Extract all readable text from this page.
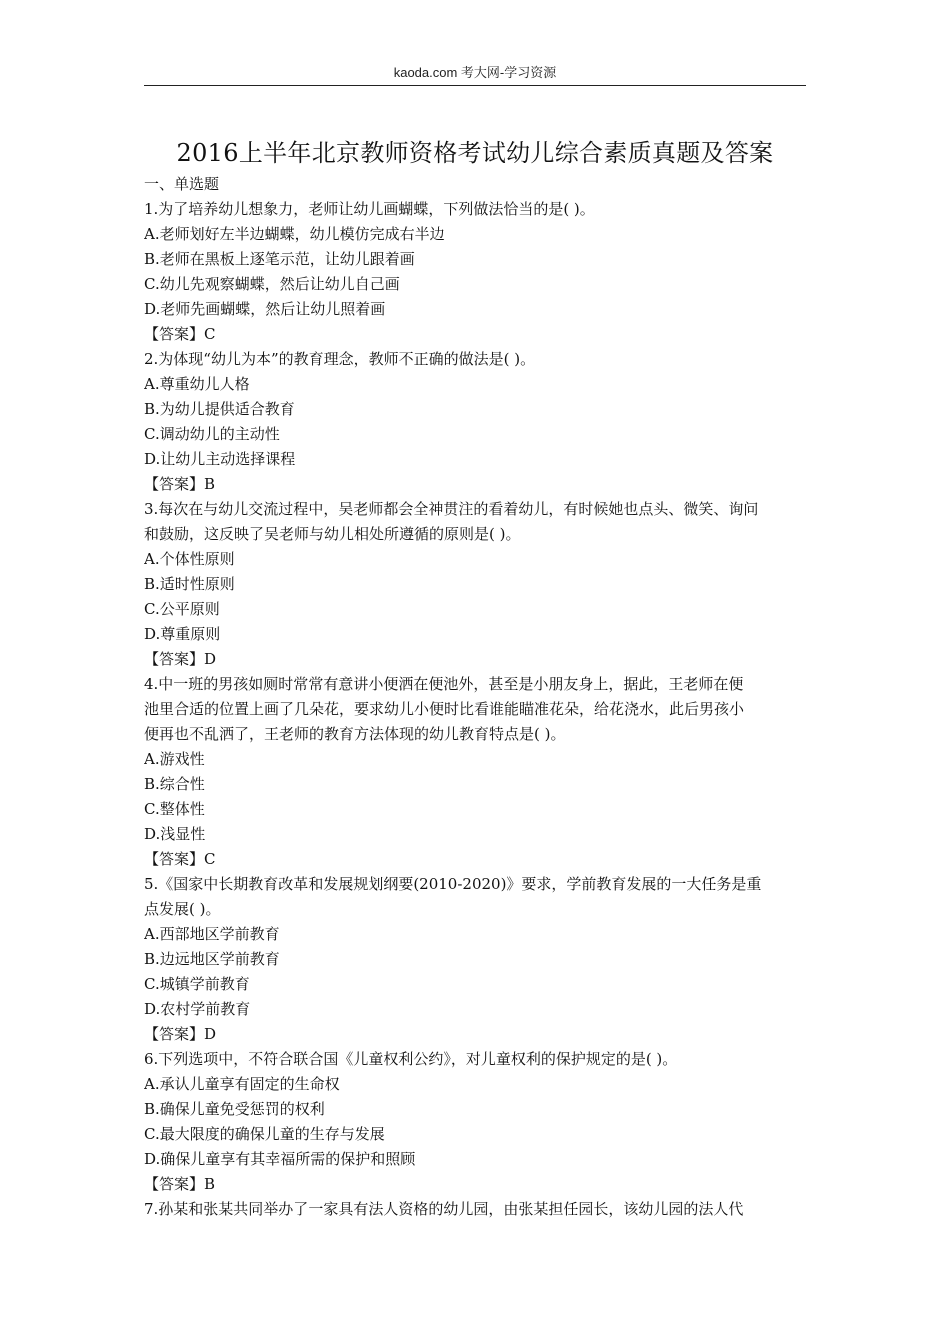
kaoda.com 考大网-学习资源
2016上半年北京教师资格考试幼儿综合素质真题及答案
一、单选题
1.为了培养幼儿想象力，老师让幼儿画蝴蝶，下列做法恰当的是( )。
A.老师划好左半边蝴蝶，幼儿模仿完成右半边
B.老师在黑板上逐笔示范，让幼儿跟着画
C.幼儿先观察蝴蝶，然后让幼儿自己画
D.老师先画蝴蝶，然后让幼儿照着画
【答案】C
2.为体现“幼儿为本”的教育理念，教师不正确的做法是( )。
A.尊重幼儿人格
B.为幼儿提供适合教育
C.调动幼儿的主动性
D.让幼儿主动选择课程
【答案】B
3.每次在与幼儿交流过程中，吴老师都会全神贯注的看着幼儿，有时候她也点头、微笑、询问
和鼓励，这反映了吴老师与幼儿相处所遵循的原则是( )。
A.个体性原则
B.适时性原则
C.公平原则
D.尊重原则
【答案】D
4.中一班的男孩如厕时常常有意讲小便洒在便池外，甚至是小朋友身上，据此，王老师在便
池里合适的位置上画了几朵花，要求幼儿小便时比看谁能瞄准花朵，给花浇水，此后男孩小
便再也不乱洒了，王老师的教育方法体现的幼儿教育特点是( )。
A.游戏性
B.综合性
C.整体性
D.浅显性
【答案】C
5.《国家中长期教育改革和发展规划纲要(2010-2020)》要求，学前教育发展的一大任务是重
点发展( )。
A.西部地区学前教育
B.边远地区学前教育
C.城镇学前教育
D.农村学前教育
【答案】D
6.下列选项中，不符合联合国《儿童权利公约》，对儿童权利的保护规定的是( )。
A.承认儿童享有固定的生命权
B.确保儿童免受惩罚的权利
C.最大限度的确保儿童的生存与发展
D.确保儿童享有其幸福所需的保护和照顾
【答案】B
7.孙某和张某共同举办了一家具有法人资格的幼儿园，由张某担任园长，该幼儿园的法人代
